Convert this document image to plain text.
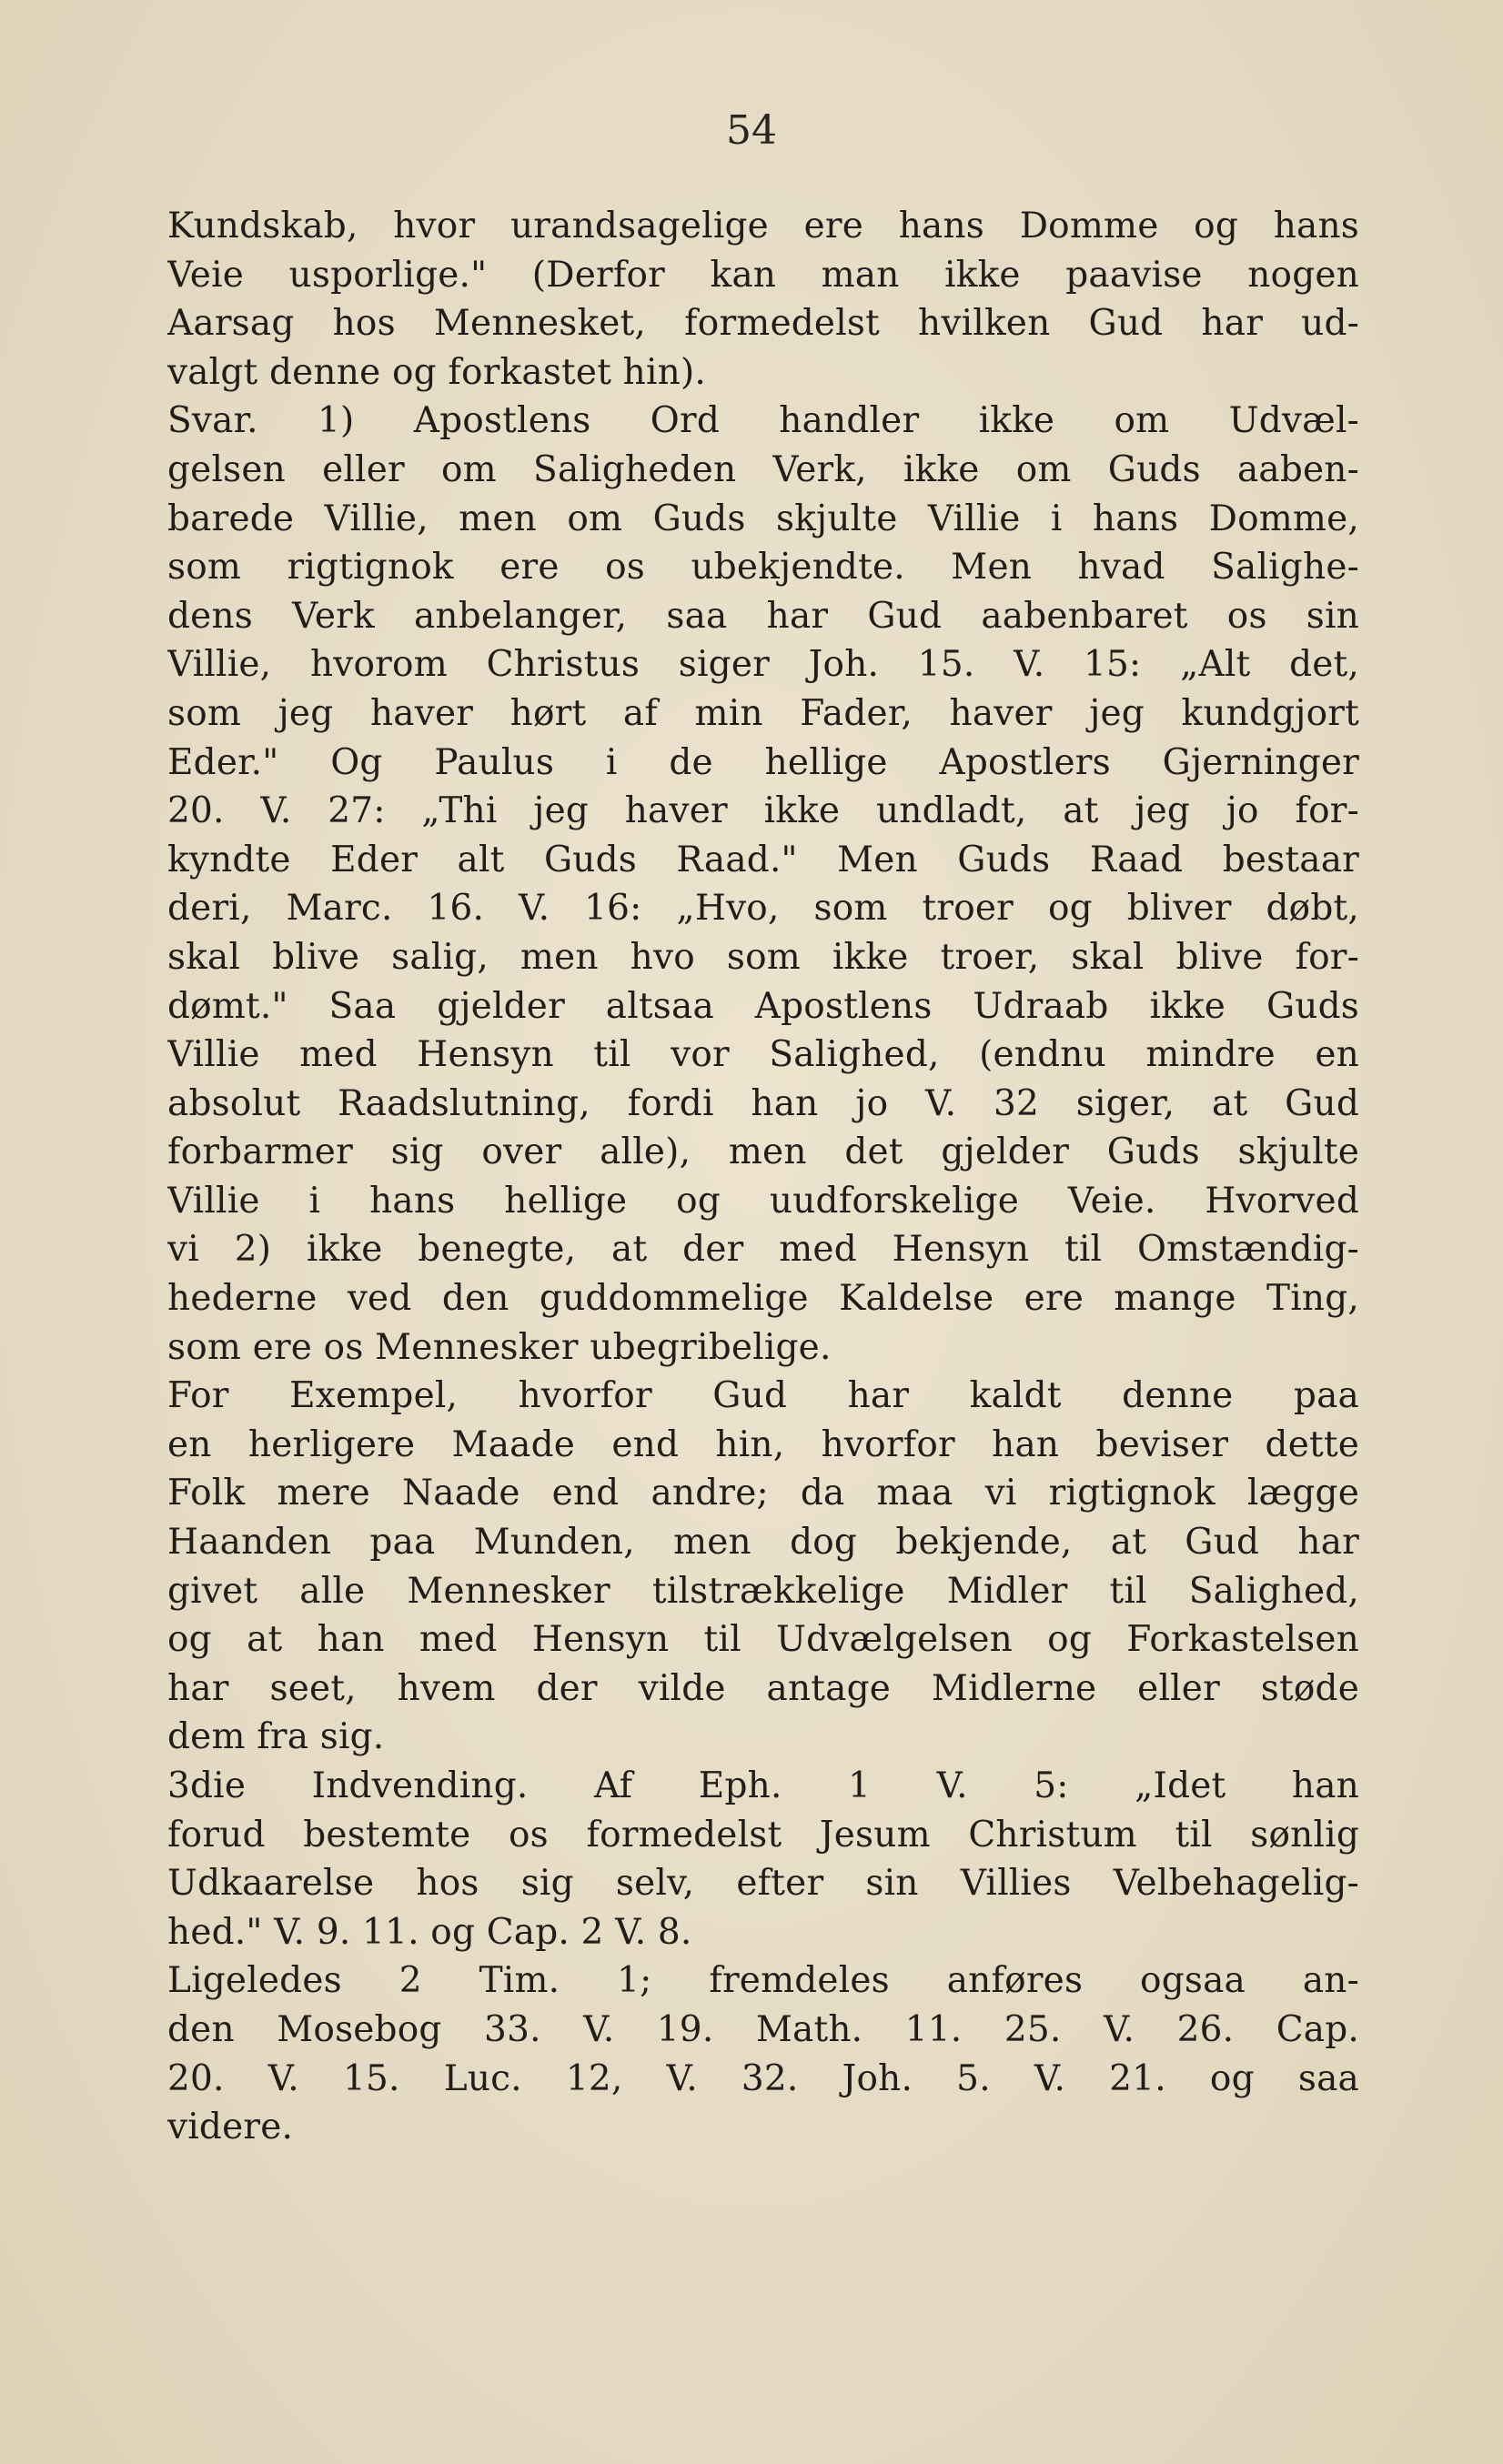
54
Kundskab, hvor urandsagelige ere hans Domme og hans
Veie usporlige." (Derfor kan man ikke paavise nogen
Aarsag hos Mennesket, formedelst hvilken Gud har ud-
valgt denne og forkastet hin).
Svar. 1) Apostlens Ord handler ikke om Udvæl-
gelsen eller om Saligheden Verk, ikke om Guds aaben-
barede Villie, men om Guds skjulte Villie i hans Domme,
som rigtignok ere os ubekjendte. Men hvad Salighe-
dens Verk anbelanger, saa har Gud aabenbaret os sin
Villie, hvorom Christus siger Joh. 15. V. 15: „Alt det,
som jeg haver hørt af min Fader, haver jeg kundgjort
Eder." Og Paulus i de hellige Apostlers Gjerninger
20. V. 27: „Thi jeg haver ikke undladt, at jeg jo for-
kyndte Eder alt Guds Raad." Men Guds Raad bestaar
deri, Marc. 16. V. 16: „Hvo, som troer og bliver døbt,
skal blive salig, men hvo som ikke troer, skal blive for-
dømt." Saa gjelder altsaa Apostlens Udraab ikke Guds
Villie med Hensyn til vor Salighed, (endnu mindre en
absolut Raadslutning, fordi han jo V. 32 siger, at Gud
forbarmer sig over alle), men det gjelder Guds skjulte
Villie i hans hellige og uudforskelige Veie. Hvorved
vi 2) ikke benegte, at der med Hensyn til Omstændig-
hederne ved den guddommelige Kaldelse ere mange Ting,
som ere os Mennesker ubegribelige.
For Exempel, hvorfor Gud har kaldt denne paa
en herligere Maade end hin, hvorfor han beviser dette
Folk mere Naade end andre; da maa vi rigtignok lægge
Haanden paa Munden, men dog bekjende, at Gud har
givet alle Mennesker tilstrækkelige Midler til Salighed,
og at han med Hensyn til Udvælgelsen og Forkastelsen
har seet, hvem der vilde antage Midlerne eller støde
dem fra sig.
3die Indvending. Af Eph. 1 V. 5: „Idet han
forud bestemte os formedelst Jesum Christum til sønlig
Udkaarelse hos sig selv, efter sin Villies Velbehagelig-
hed." V. 9. 11. og Cap. 2 V. 8.
Ligeledes 2 Tim. 1; fremdeles anføres ogsaa an-
den Mosebog 33. V. 19. Math. 11. 25. V. 26. Cap.
20. V. 15. Luc. 12, V. 32. Joh. 5. V. 21. og saa
videre.
